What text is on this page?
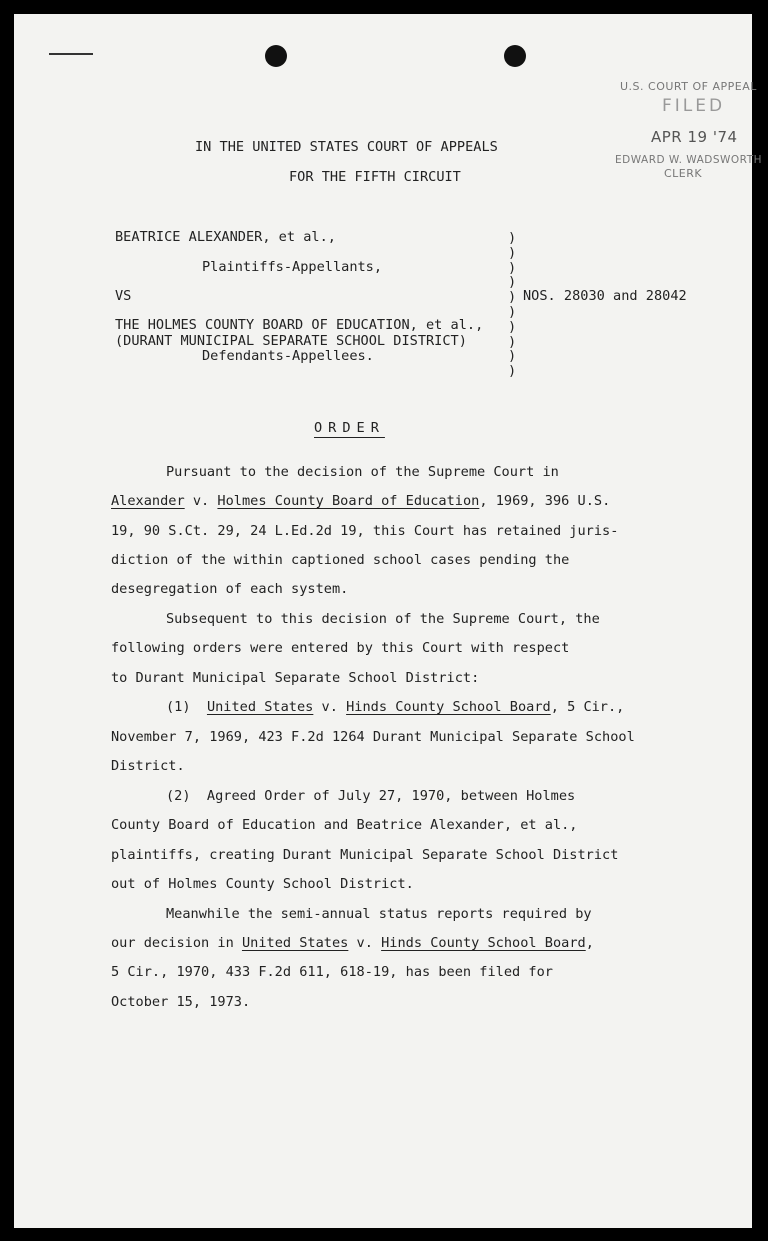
U.S. COURT OF APPEAL
FILED
APR 19 '74
EDWARD W. WADSWORTH
CLERK
IN THE UNITED STATES COURT OF APPEALS
FOR THE FIFTH CIRCUIT
BEATRICE ALEXANDER, et al.,
Plaintiffs-Appellants,
VS
THE HOLMES COUNTY BOARD OF EDUCATION, et al.,
(DURANT MUNICIPAL SEPARATE SCHOOL DISTRICT)
Defendants-Appellees.
NOS. 28030 and 28042
)
)
)
)
)
)
)
)
)
)
ORDER
Pursuant to the decision of the Supreme Court in
Alexander v. Holmes County Board of Education, 1969, 396 U.S.
19, 90 S.Ct. 29, 24 L.Ed.2d 19, this Court has retained juris-
diction of the within captioned school cases pending the
desegregation of each system.
Subsequent to this decision of the Supreme Court, the
following orders were entered by this Court with respect
to Durant Municipal Separate School District:
(1) United States v. Hinds County School Board, 5 Cir.,
November 7, 1969, 423 F.2d 1264 Durant Municipal Separate School
District.
(2)  Agreed Order of July 27, 1970, between Holmes
County Board of Education and Beatrice Alexander, et al.,
plaintiffs, creating Durant Municipal Separate School District
out of Holmes County School District.
Meanwhile the semi-annual status reports required by
our decision in United States v. Hinds County School Board,
5 Cir., 1970, 433 F.2d 611, 618-19, has been filed for
October 15, 1973.
